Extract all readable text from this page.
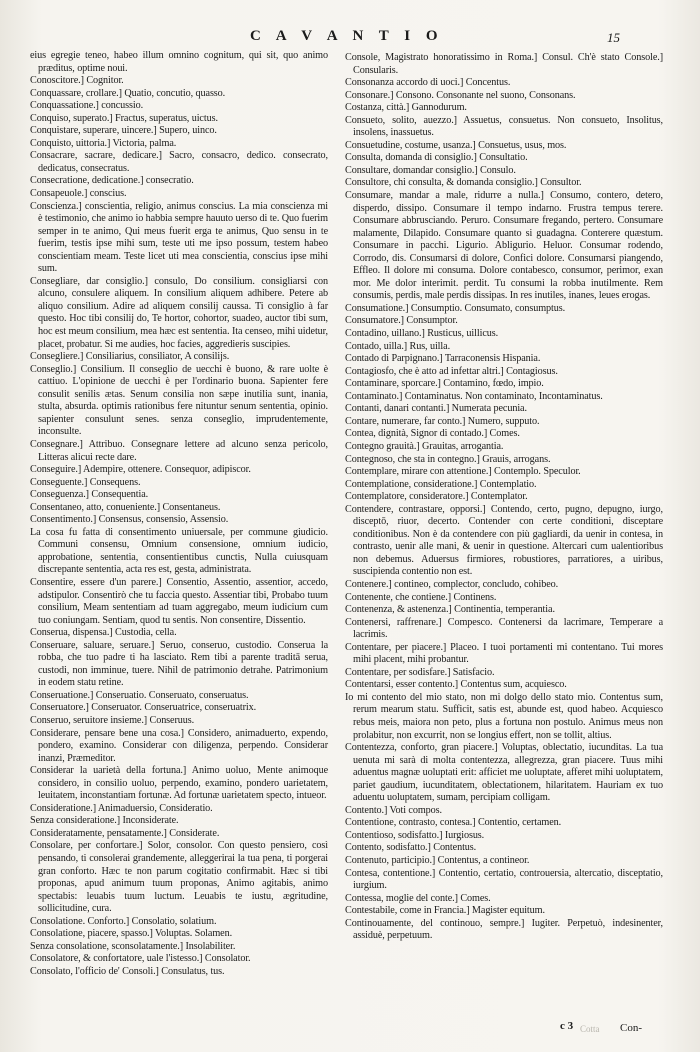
C A V A N T I O	15

eius egregie teneo, habeo illum omnino cognitum, qui sit, quo animo præditus, optime noui.

Conoscitore.] Cognitor.

Conquassare, crollare.] Quatio, concutio, quasso.

Conquassatione.] concussio.

Conquiso, superato.] Fractus, superatus, uictus.

Conquistare, superare, uincere.] Supero, uinco.

Conquisto, uittoria.] Victoria, palma.

Consacrare, sacrare, dedicare.] Sacro, consacro, dedico. consecrato, dedicatus, consecratus.

Consecratione, dedicatione.] consecratio.

Consapeuole.] conscius.

Conscienza.] conscientia, religio, animus conscius. La mia conscienza mi è testimonio, che animo io habbia sempre hauuto uerso di te. Quo fuerim semper in te animo, Qui meus fuerit erga te animus, Quo sensu in te fuerim, testis ipse mihi sum, teste uti me ipso possum, testem habeo conscientiam meam. Teste licet uti mea conscientia, conscius ipse mihi sum.

Consegliare, dar consiglio.] consulo, Do consilium. consigliarsi con alcuno, consulere aliquem. In consilium aliquem adhibere. Petere ab aliquo consilium. Adire ad aliquem consilij caussa. Ti consiglio à far questo. Hoc tibi consilij do, Te hortor, cohortor, suadeo, auctor tibi sum, hoc est meum consilium, mea hæc est sententia. Ita censeo, mihi uidetur, placet, probatur. Si me audies, hoc facies, aggredieris suscipies.

Consegliere.] Consiliarius, consiliator, A consilijs.

Conseglio.] Consilium. Il conseglio de uecchi è buono, & rare uolte è cattiuo. L'opinione de uecchi è per l'ordinario buona. Sapienter fere consulit senilis ætas. Senum consilia non sæpe inutilia sunt, inania, stulta, absurda. optimis rationibus fere nituntur senum sententia, opinio. sapienter consulunt senes. senza conseglio, imprudentemente, inconsulte.

Consegnare.] Attribuo. Consegnare lettere ad alcuno senza pericolo, Litteras alicui recte dare.

Conseguire.] Adempire, ottenere. Consequor, adipiscor.

Conseguente.] Consequens.

Conseguenza.] Consequentia.

Consentaneo, atto, conueniente.] Consentaneus.

Consentimento.] Consensus, consensio, Assensio.

La cosa fu fatta di consentimento uniuersale, per commune giudicio. Communi consensu, Omnium consensione, omnium iudicio, approbatione, sententia, consentientibus cunctis, Nulla cuiusquam discrepante sententia, acta res est, gesta, administrata.

Consentire, essere d'un parere.] Consentio, Assentio, assentior, accedo, adstipulor. Consentirò che tu faccia questo. Assentiar tibi, Probabo tuum consilium, Meam sententiam ad tuam aggregabo, meum iudicium cum tuo coniungam. Sentiam, quod tu sentis. Non consentire, Dissentio.

Conserua, dispensa.] Custodia, cella.

Conseruare, saluare, seruare.] Seruo, conseruo, custodio. Conserua la robba, che tuo padre ti ha lasciato. Rem tibi a parente traditā serua, custodi, non imminue, tuere. Nihil de patrimonio detrahe. Patrimonium in eodem statu retine.

Conseruatione.] Conseruatio. Conseruato, conseruatus.

Conseruatore.] Conseruator. Conseruatrice, conseruatrix.

Conseruo, seruitore insieme.] Conseruus.

Considerare, pensare bene una cosa.] Considero, animaduerto, expendo, pondero, examino. Considerar con diligenza, perpendo. Considerar inanzi, Præmeditor.

Considerar la uarietà della fortuna.] Animo uoluo, Mente animoque considero, in consilio uoluo, perpendo, examino, pondero uarietatem, leuitatem, inconstantiam fortunæ. Ad fortunæ uarietatem specto, intueor.

Consideratione.] Animaduersio, Consideratio.

Senza consideratione.] Inconsiderate.

Consideratamente, pensatamente.] Considerate.

Consolare, per confortare.] Solor, consolor. Con questo pensiero, così pensando, ti consolerai grandemente, alleggerirai la tua pena, ti porgerai gran conforto. Hæc te non parum cogitatio confirmabit. Hæc si tibi proponas, apud animum tuum proponas, Animo agitabis, animo spectabis: leuabis tuum luctum. Leuabis te iustu, ægritudine, sollicitudine, cura.

Consolatione. Conforto.] Consolatio, solatium.

Consolatione, piacere, spasso.] Voluptas. Solamen.

Senza consolatione, sconsolatamente.] Insolabiliter.

Consolatore, & confortatore, uale l'istesso.] Consolator.

Consolato, l'officio de' Consoli.] Consulatus, tus.

Console, Magistrato honoratissimo in Roma.] Consul. Ch'è stato Console.] Consularis.

Consonanza accordo di uoci.] Concentus.

Consonare.] Consono. Consonante nel suono, Consonans.

Costanza, città.] Gannodurum.

Consueto, solito, auezzo.] Assuetus, consuetus. Non consueto, Insolitus, insolens, inassuetus.

Consuetudine, costume, usanza.] Consuetus, usus, mos.

Consulta, domanda di consiglio.] Consultatio.

Consultare, domandar consiglio.] Consulo.

Consultore, chi consulta, & domanda consiglio.] Consultor.

Consumare, mandar a male, ridurre a nulla.] Consumo, contero, detero, disperdo, dissipo. Consumare il tempo indarno. Frustra tempus terere. Consumare abbrusciando. Peruro. Consumare fregando, pertero. Consumare malamente, Dilapido. Consumare quanto si guadagna. Conterere quæstum. Consumare in pacchi. Ligurio. Abligurio. Heluor. Consumar rodendo, Corrodo, dis. Consumarsi di dolore, Confici dolore. Consumarsi piangendo, Effleo. Il dolore mi consuma. Dolore contabesco, consumor, perimor, exan mor. Me dolor interimit. perdit. Tu consumi la robba inutilmente. Rem consumis, perdis, male perdis dissipas. In res inutiles, inanes, leues erogas.

Consumatione.] Consumptio. Consumato, consumptus.

Consumatore.] Consumptor.

Contadino, uillano.] Rusticus, uillicus.

Contado, uilla.] Rus, uilla.

Contado di Parpignano.] Tarraconensis Hispania.

Contagiosfo, che è atto ad infettar altri.] Contagiosus.

Contaminare, sporcare.] Contamino, fœdo, impio.

Contaminato.] Contaminatus. Non contaminato, Incontaminatus.

Contanti, danari contanti.] Numerata pecunia.

Contare, numerare, far conto.] Numero, supputo.

Contea, dignità, Signor di contado.] Comes.

Contegno grauità.] Grauitas, arrogantia.

Contegnoso, che sta in contegno.] Grauis, arrogans.

Contemplare, mirare con attentione.] Contemplo. Speculor.

Contemplatione, consideratione.] Contemplatio.

Contemplatore, consideratore.] Contemplator.

Contendere, contrastare, opporsi.] Contendo, certo, pugno, depugno, iurgo, disceptō, riuor, decerto. Contender con certe conditioni, disceptare conditionibus. Non è da contendere con più gagliardi, da uenir in contesa, in contrasto, uenir alle mani, & uenir in questione. Altercari cum ualentioribus non debemus. Aduersus firmiores, robustiores, parratiores, a uiribus, suscipienda contentio non est.

Contenere.] contineo, complector, concludo, cohibeo.

Contenente, che contiene.] Continens.

Contenenza, & astenenza.] Continentia, temperantia.

Contenersi, raffrenare.] Compesco. Contenersi da lacrimare, Temperare a lacrimis.

Contentare, per piacere.] Placeo. I tuoi portamenti mi contentano. Tui mores mihi placent, mihi probantur.

Contentare, per sodisfare.] Satisfacio.

Contentarsi, esser contento.] Contentus sum, acquiesco.

Io mi contento del mio stato, non mi dolgo dello stato mio. Contentus sum, rerum mearum statu. Sufficit, satis est, abunde est, quod habeo. Acquiesco rebus meis, maiora non peto, plus a fortuna non postulo. Animus meus non prolabitur, non excurrit, non se longius effert, non se tollit, altius.

Contentezza, conforto, gran piacere.] Voluptas, oblectatio, iucunditas. La tua uenuta mi sarà di molta contentezza, allegrezza, gran piacere. Tuus mihi aduentus magnæ uoluptati erit: afficiet me uoluptate, afferet mihi uoluptatem, pariet gaudium, iucunditatem, oblectationem, hilaritatem. Hauriam ex tuo aduentu uoluptatem, sumam, percipiam colligam.

Contento.] Voti compos.

Contentione, contrasto, contesa.] Contentio, certamen.

Contentioso, sodisfatto.] Iurgiosus.

Contento, sodisfatto.] Contentus.

Contenuto, participio.] Contentus, a contineor.

Contesa, contentione.] Contentio, certatio, controuersia, altercatio, disceptatio, iurgium.

Contessa, moglie del conte.] Comes.

Contestabile, come in Francia.] Magister equitum.

Continouamente, del continouo, sempre.] Iugiter. Perpetuò, indesinenter, assiduè, perpetuum.

c 3	Con-
Cotta
